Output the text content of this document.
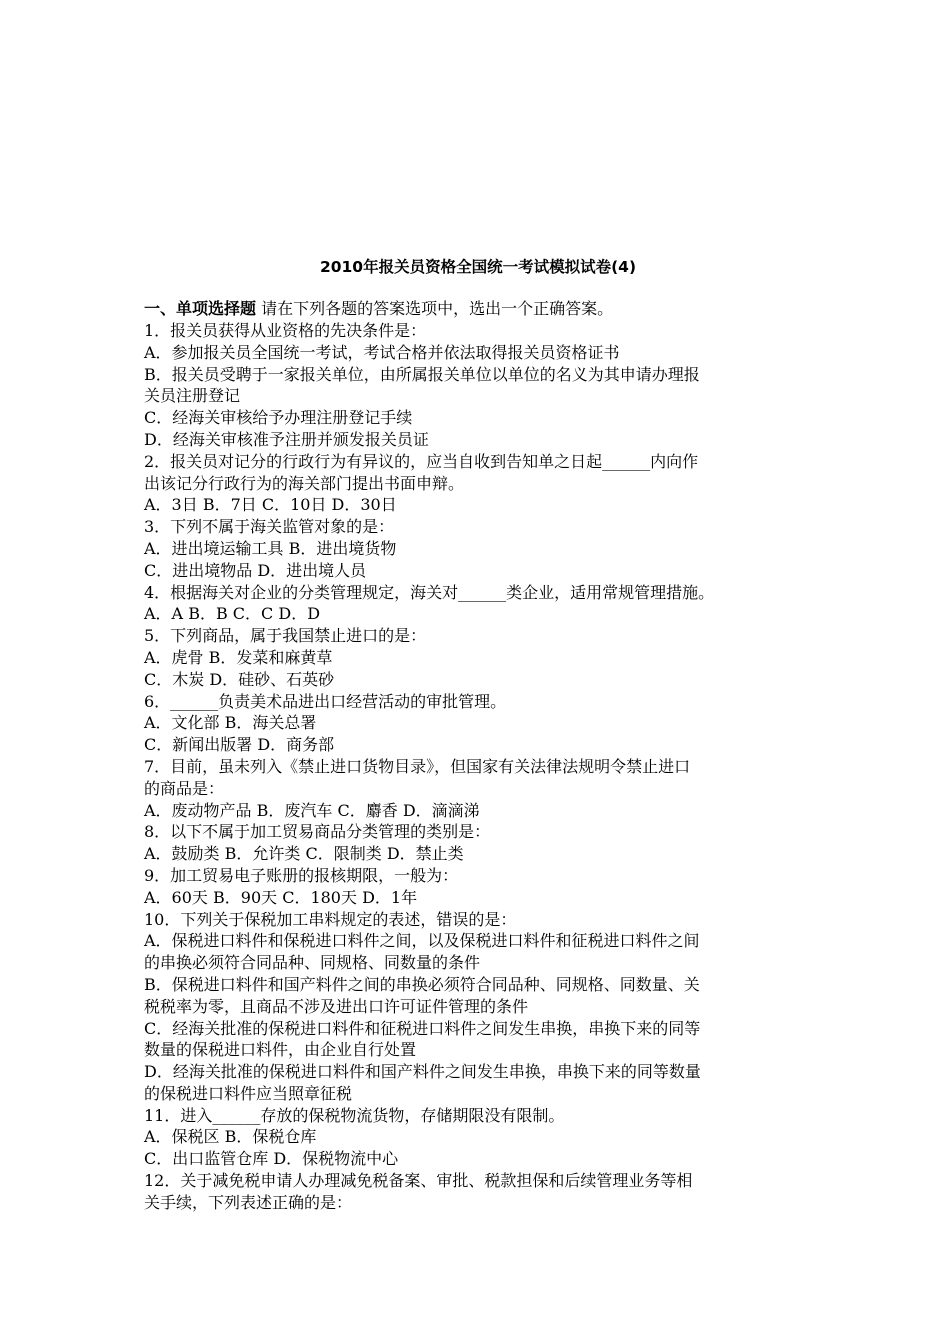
2010年报关员资格全国统一考试模拟试卷(4)
一、单项选择题 请在下列各题的答案选项中，选出一个正确答案。
1．报关员获得从业资格的先决条件是：
A．参加报关员全国统一考试，考试合格并依法取得报关员资格证书
B．报关员受聘于一家报关单位，由所属报关单位以单位的名义为其申请办理报
关员注册登记
C．经海关审核给予办理注册登记手续
D．经海关审核准予注册并颁发报关员证
2．报关员对记分的行政行为有异议的，应当自收到告知单之日起______内向作
出该记分行政行为的海关部门提出书面申辩。
A．3日 B．7日 C．10日 D．30日
3．下列不属于海关监管对象的是：
A．进出境运输工具 B．进出境货物
C．进出境物品 D．进出境人员
4．根据海关对企业的分类管理规定，海关对______类企业，适用常规管理措施。
A．A B．B C．C D．D
5．下列商品，属于我国禁止进口的是：
A．虎骨 B．发菜和麻黄草
C．木炭 D．硅砂、石英砂
6．______负责美术品进出口经营活动的审批管理。
A．文化部 B．海关总署
C．新闻出版署 D．商务部
7．目前，虽未列入《禁止进口货物目录》，但国家有关法律法规明令禁止进口
的商品是：
A．废动物产品 B．废汽车 C．麝香 D．滴滴涕
8．以下不属于加工贸易商品分类管理的类别是：
A．鼓励类 B．允许类 C．限制类 D．禁止类
9．加工贸易电子账册的报核期限，一般为：
A．60天 B．90天 C．180天 D．1年
10．下列关于保税加工串料规定的表述，错误的是：
A．保税进口料件和保税进口料件之间，以及保税进口料件和征税进口料件之间
的串换必须符合同品种、同规格、同数量的条件
B．保税进口料件和国产料件之间的串换必须符合同品种、同规格、同数量、关
税税率为零，且商品不涉及进出口许可证件管理的条件
C．经海关批准的保税进口料件和征税进口料件之间发生串换，串换下来的同等
数量的保税进口料件，由企业自行处置
D．经海关批准的保税进口料件和国产料件之间发生串换，串换下来的同等数量
的保税进口料件应当照章征税
11．进入______存放的保税物流货物，存储期限没有限制。
A．保税区 B．保税仓库
C．出口监管仓库 D．保税物流中心
12．关于减免税申请人办理减免税备案、审批、税款担保和后续管理业务等相
关手续，下列表述正确的是：
